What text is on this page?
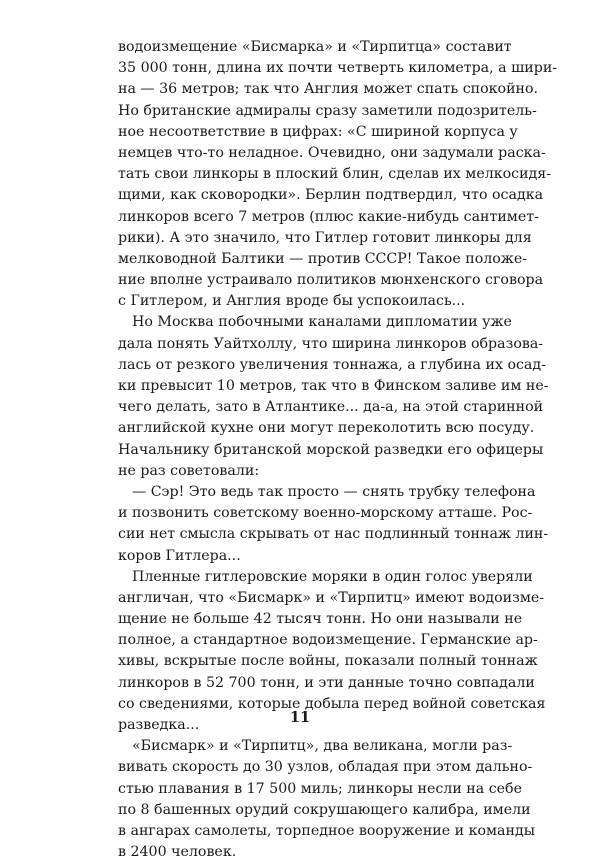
водоизмещение «Бисмарка» и «Тирпитца» составит
35 000 тонн, длина их почти четверть километра, а шири-
на — 36 метров; так что Англия может спать спокойно.
Но британские адмиралы сразу заметили подозритель-
ное несоответствие в цифрах: «С шириной корпуса у
немцев что-то неладное. Очевидно, они задумали раска-
тать свои линкоры в плоский блин, сделав их мелкосидя-
щими, как сковородки». Берлин подтвердил, что осадка
линкоров всего 7 метров (плюс какие-нибудь сантимет-
рики). А это значило, что Гитлер готовит линкоры для
мелководной Балтики — против СССР! Такое положе-
ние вполне устраивало политиков мюнхенского сговора
с Гитлером, и Англия вроде бы успокоилась...
Но Москва побочными каналами дипломатии уже
дала понять Уайтхоллу, что ширина линкоров образова-
лась от резкого увеличения тоннажа, а глубина их осад-
ки превысит 10 метров, так что в Финском заливе им не-
чего делать, зато в Атлантике... да-а, на этой старинной
английской кухне они могут переколотить всю посуду.
Начальнику британской морской разведки его офицеры
не раз советовали:
— Сэр! Это ведь так просто — снять трубку телефона
и позвонить советскому военно-морскому атташе. Рос-
сии нет смысла скрывать от нас подлинный тоннаж лин-
коров Гитлера...
Пленные гитлеровские моряки в один голос уверяли
англичан, что «Бисмарк» и «Тирпитц» имеют водоизме-
щение не больше 42 тысяч тонн. Но они называли не
полное, а стандартное водоизмещение. Германские ар-
хивы, вскрытые после войны, показали полный тоннаж
линкоров в 52 700 тонн, и эти данные точно совпадали
со сведениями, которые добыла перед войной советская
разведка...
«Бисмарк» и «Тирпитц», два великана, могли раз-
вивать скорость до 30 узлов, обладая при этом дально-
стью плавания в 17 500 миль; линкоры несли на себе
по 8 башенных орудий сокрушающего калибра, имели
в ангарах самолеты, торпедное вооружение и команды
в 2400 человек.
11
